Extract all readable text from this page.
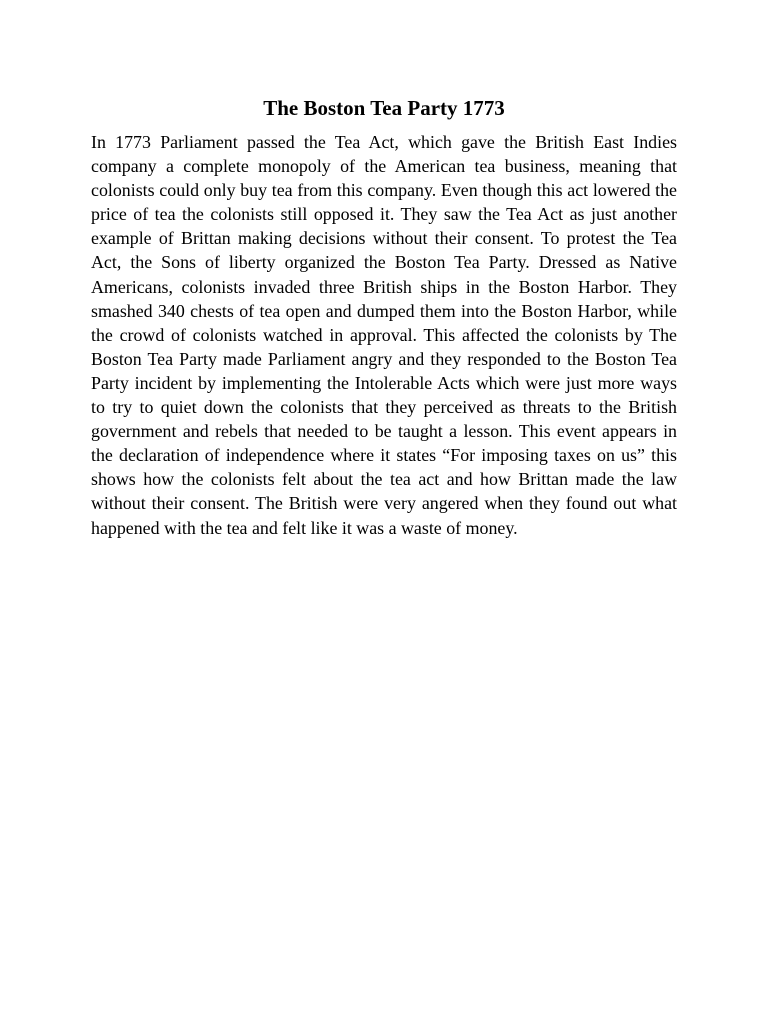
The Boston Tea Party 1773

In 1773 Parliament passed the Tea Act, which gave the British East Indies company a complete monopoly of the American tea business, meaning that colonists could only buy tea from this company. Even though this act lowered the price of tea the colonists still opposed it. They saw the Tea Act as just another example of Brittan making decisions without their consent. To protest the Tea Act, the Sons of liberty organized the Boston Tea Party. Dressed as Native Americans, colonists invaded three British ships in the Boston Harbor. They smashed 340 chests of tea open and dumped them into the Boston Harbor, while the crowd of colonists watched in approval. This affected the colonists by The Boston Tea Party made Parliament angry and they responded to the Boston Tea Party incident by implementing the Intolerable Acts which were just more ways to try to quiet down the colonists that they perceived as threats to the British government and rebels that needed to be taught a lesson. This event appears in the declaration of independence where it states “For imposing taxes on us” this shows how the colonists felt about the tea act and how Brittan made the law without their consent. The British were very angered when they found out what happened with the tea and felt like it was a waste of money.
